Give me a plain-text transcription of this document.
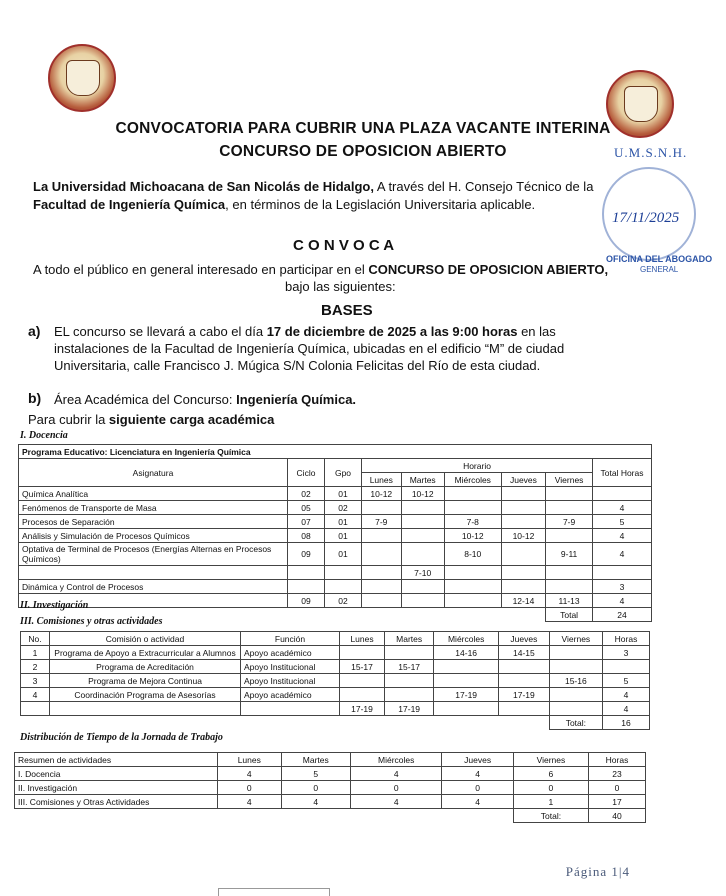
CONVOCATORIA PARA CUBRIR UNA PLAZA VACANTE INTERINA
CONCURSO DE OPOSICION ABIERTO	U.M.S.N.H.
17/11/2025
OFICINA DEL ABOGADO
GENERAL
La Universidad Michoacana de San Nicolás de Hidalgo, A través del H. Consejo Técnico de la
Facultad de Ingeniería Química, en términos de la Legislación Universitaria aplicable.
C O N V O C A
A todo el público en general interesado en participar en el CONCURSO DE OPOSICION ABIERTO,
bajo las siguientes:
BASES
a) EL concurso se llevará a cabo el día 17 de diciembre de 2025 a las 9:00 horas en las
instalaciones de la Facultad de Ingeniería Química, ubicadas en el edificio “M” de ciudad
Universitaria, calle Francisco J. Múgica S/N Colonia Felicitas del Río de esta ciudad.
b) Área Académica del Concurso: Ingeniería Química.
Para cubrir la siguiente carga académica
I. Docencia
Programa Educativo: Licenciatura en Ingeniería Química								
Asignatura	Ciclo	Gpo	Horario					Total Horas
			Lunes	Martes	Miércoles	Jueves	Viernes	
Química Analítica	02	01	10-12	10-12				
Fenómenos de Transporte de Masa	05	02						4
Procesos de Separación	07	01	7-9		7-8		7-9	5
Análisis y Simulación de Procesos Químicos	08	01			10-12	10-12		4
Optativa de Terminal de Procesos (Energías Alternas en Procesos Químicos)	09	01			8-10		9-11	4
				7-10				
Dinámica y Control de Procesos								3
	09	02				12-14	11-13	4
							Total	24
II. Investigación
III. Comisiones y otras actividades
No.	Comisión o actividad	Función	Lunes	Martes	Miércoles	Jueves	Viernes	Horas
1	Programa de Apoyo a Extracurricular a Alumnos	Apoyo académico			14-16	14-15		3
2	Programa de Acreditación	Apoyo Institucional	15-17	15-17				
3	Programa de Mejora Continua	Apoyo Institucional					15-16	5
4	Coordinación Programa de Asesorías	Apoyo académico			17-19	17-19		4
			17-19	17-19				4
							Total:	16
Distribución de Tiempo de la Jornada de Trabajo
Resumen de actividades	Lunes	Martes	Miércoles	Jueves	Viernes	Horas
I. Docencia	4	5	4	4	6	23
II. Investigación	0	0	0	0	0	0
III. Comisiones y Otras Actividades	4	4	4	4	1	17
					Total:	40
Página 1|4
